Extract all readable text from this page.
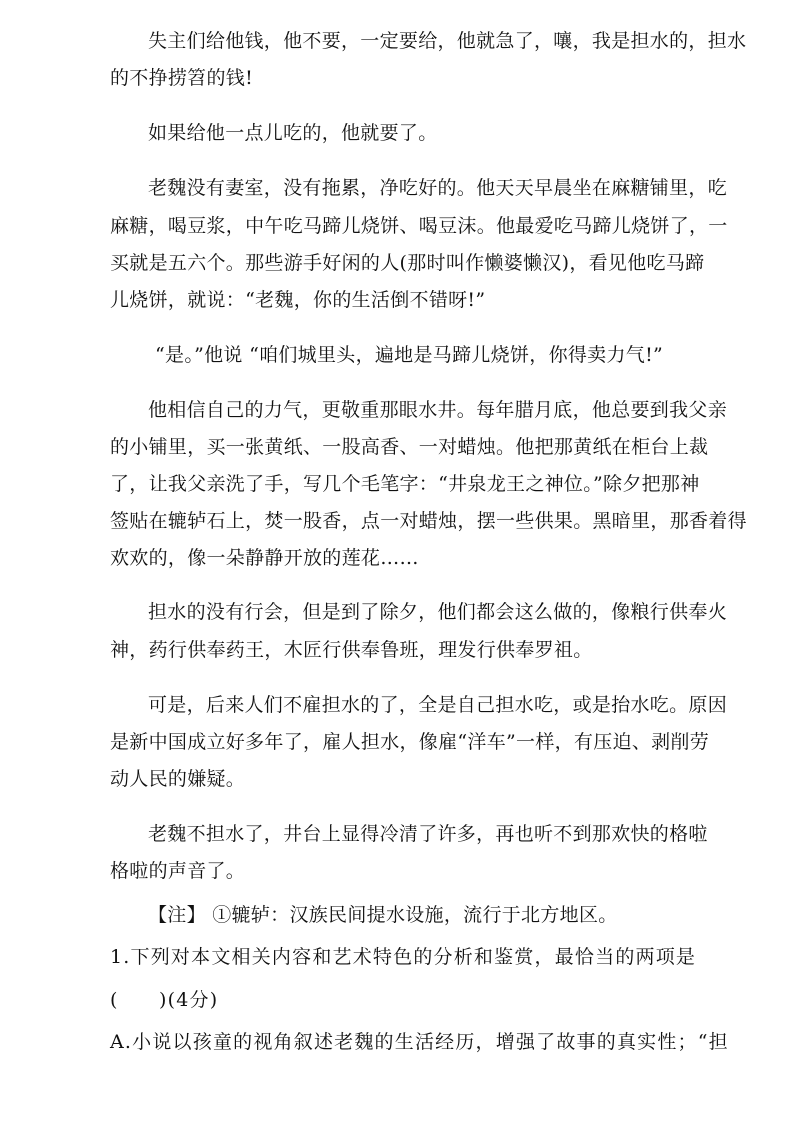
失主们给他钱，他不要，一定要给，他就急了，嚷，我是担水的，担水
的不挣捞笤的钱!
如果给他一点儿吃的，他就要了。
老魏没有妻室，没有拖累，净吃好的。他天天早晨坐在麻糖铺里，吃
麻糖，喝豆浆，中午吃马蹄儿烧饼、喝豆沫。他最爱吃马蹄儿烧饼了，一
买就是五六个。那些游手好闲的人(那时叫作懒婆懒汉)，看见他吃马蹄
儿烧饼，就说：“老魏，你的生活倒不错呀!”
“是。”他说 “咱们城里头，遍地是马蹄儿烧饼，你得卖力气!”
他相信自己的力气，更敬重那眼水井。每年腊月底，他总要到我父亲
的小铺里，买一张黄纸、一股高香、一对蜡烛。他把那黄纸在柜台上裁
了，让我父亲洗了手，写几个毛笔字：“井泉龙王之神位。”除夕把那神
签贴在辘轳石上，焚一股香，点一对蜡烛，摆一些供果。黑暗里，那香着得
欢欢的，像一朵静静开放的莲花……
担水的没有行会，但是到了除夕，他们都会这么做的，像粮行供奉火
神，药行供奉药王，木匠行供奉鲁班，理发行供奉罗祖。
可是，后来人们不雇担水的了，全是自己担水吃，或是抬水吃。原因
是新中国成立好多年了，雇人担水，像雇“洋车”一样，有压迫、剥削劳
动人民的嫌疑。
老魏不担水了，井台上显得冷清了许多，再也听不到那欢快的格啦
格啦的声音了。
【注】 ①辘轳：汉族民间提水设施，流行于北方地区。
1.下列对本文相关内容和艺术特色的分析和鉴赏，最恰当的两项是
(　　)(4分)
A.小说以孩童的视角叙述老魏的生活经历，增强了故事的真实性；“担
